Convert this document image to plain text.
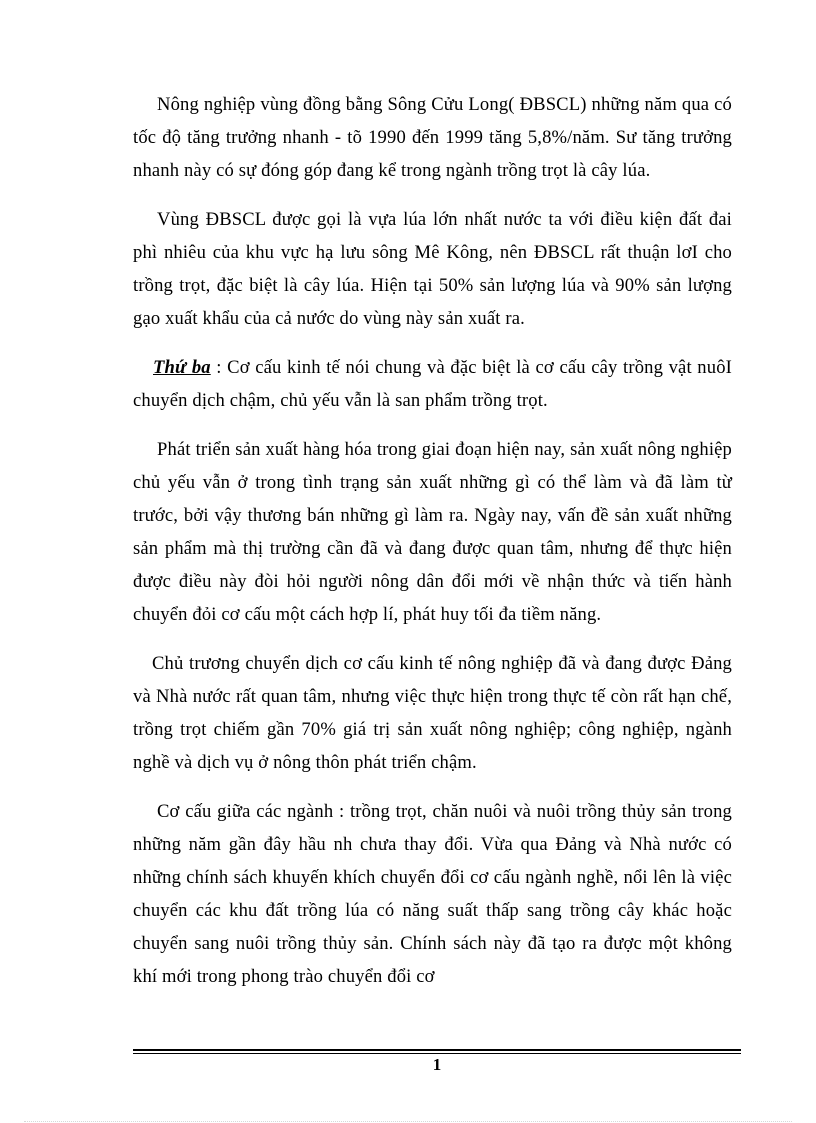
Nông nghiệp vùng đồng bằng Sông Cửu Long( ĐBSCL) những năm qua có tốc độ tăng trưởng nhanh - tõ 1990 đến 1999 tăng 5,8%/năm. Sư tăng trưởng nhanh này có sự đóng góp đang kể trong ngành trồng trọt là cây lúa.

Vùng ĐBSCL được gọi là vựa lúa lớn nhất nước ta với điều kiện đất đai phì nhiêu của khu vực hạ lưu sông Mê Kông, nên ĐBSCL rất thuận lơI cho trồng trọt, đặc biệt là cây lúa. Hiện tại 50% sản lượng lúa và 90% sản lượng gạo xuất khẩu của cả nước do vùng này sản xuất ra.

Thứ ba : Cơ cấu kinh tế nói chung và đặc biệt là cơ cấu cây trồng vật nuôI chuyển dịch chậm, chủ yếu vẫn là san phẩm trồng trọt.

Phát triển sản xuất hàng hóa trong giai đoạn hiện nay, sản xuất nông nghiệp chủ yếu vẫn ở trong tình trạng sản xuất những gì có thể làm và đã làm từ trước, bởi vậy thương bán những gì làm ra. Ngày nay, vấn đề sản xuất những sản phẩm mà thị trường cần đã và đang được quan tâm, nhưng để thực hiện được điều này đòi hỏi người nông dân đổi mới về nhận thức và tiến hành chuyển đỏi cơ cấu một cách hợp lí, phát huy tối đa tiềm năng.

Chủ trương chuyển dịch cơ cấu kinh tế nông nghiệp đã và đang được Đảng và Nhà nước rất quan tâm, nhưng việc thực hiện trong thực tế còn rất hạn chế, trồng trọt chiếm gần 70% giá trị sản xuất nông nghiệp; công nghiệp, ngành nghề và dịch vụ ở nông thôn phát triển chậm.

Cơ cấu giữa các ngành : trồng trọt, chăn nuôi và nuôi trồng thủy sản trong những năm gần đây hầu nh chưa thay đổi. Vừa qua Đảng và Nhà nước có những chính sách khuyến khích chuyển đổi cơ cấu ngành nghề, nổi lên là việc chuyển các khu đất trồng lúa có năng suất thấp sang trồng cây khác hoặc chuyển sang nuôi trồng thủy sản. Chính sách này đã tạo ra được một không khí mới trong phong trào chuyển đổi cơ

1
